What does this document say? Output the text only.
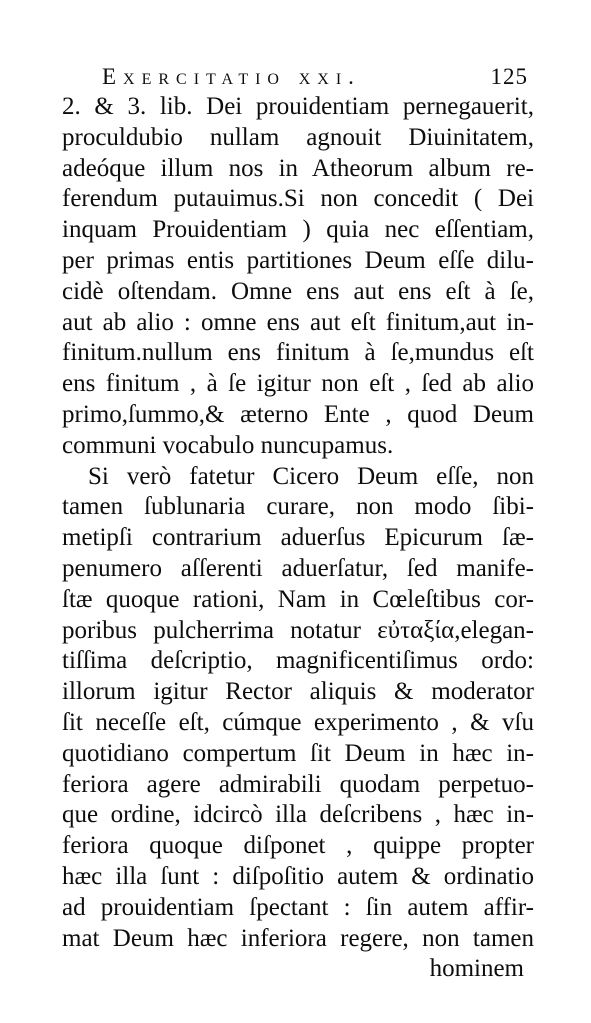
Exercitatio xxi.	125
2. & 3. lib. Dei prouidentiam pernegauerit,
proculdubio nullam agnouit Diuinitatem,
adeóque illum nos in Atheorum album re-
ferendum putauimus.Si non concedit ( Dei
inquam Prouidentiam ) quia nec eſſentiam,
per primas entis partitiones Deum eſſe dilu-
cidè oſtendam. Omne ens aut ens eſt à ſe,
aut ab alio : omne ens aut eſt finitum,aut in-
finitum.nullum ens finitum à ſe,mundus eſt
ens finitum , à ſe igitur non eſt , ſed ab alio
primo,ſummo,& æterno Ente , quod Deum
communi vocabulo nuncupamus.
Si verò fatetur Cicero Deum eſſe, non
tamen ſublunaria curare, non modo ſibi-
metipſi contrarium aduerſus Epicurum ſæ-
penumero aſſerenti aduerſatur, ſed manife-
ſtæ quoque rationi, Nam in Cœleſtibus cor-
poribus pulcherrima notatur εὐταξία,elegan-
tiſſima deſcriptio, magnificentiſimus ordo:
illorum igitur Rector aliquis & moderator
ſit neceſſe eſt, cúmque experimento , & vſu
quotidiano compertum ſit Deum in hæc in-
feriora agere admirabili quodam perpetuo-
que ordine, idcircò illa deſcribens , hæc in-
feriora quoque diſponet , quippe propter
hæc illa ſunt : diſpoſitio autem & ordinatio
ad prouidentiam ſpectant : ſin autem affir-
mat Deum hæc inferiora regere, non tamen
hominem
